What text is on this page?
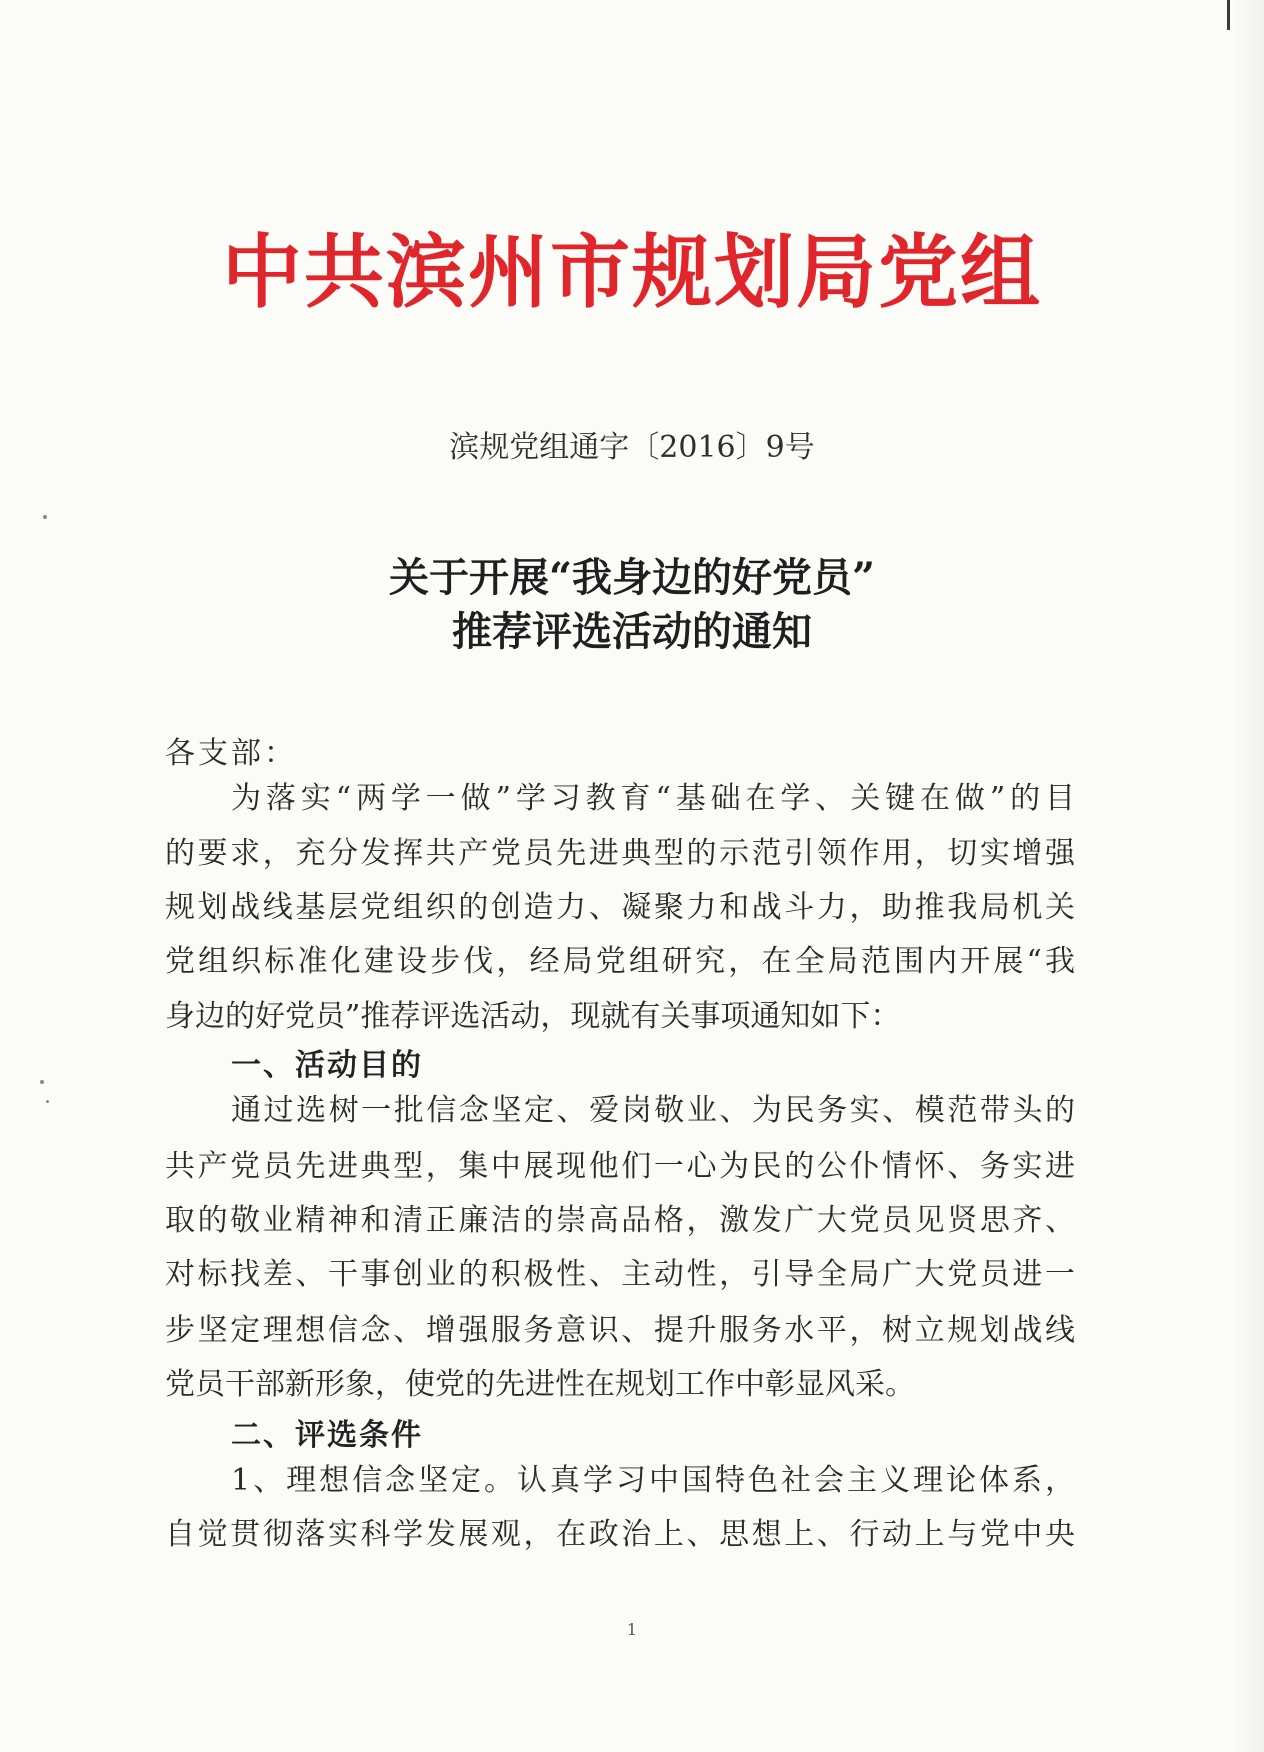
中共滨州市规划局党组
滨规党组通字〔2016〕9号
关于开展“我身边的好党员”
推荐评选活动的通知
各支部：
为落实“两学一做”学习教育“基础在学、关键在做”的目
的要求，充分发挥共产党员先进典型的示范引领作用，切实增强
规划战线基层党组织的创造力、凝聚力和战斗力，助推我局机关
党组织标准化建设步伐，经局党组研究，在全局范围内开展“我
身边的好党员”推荐评选活动，现就有关事项通知如下：
一、活动目的
通过选树一批信念坚定、爱岗敬业、为民务实、模范带头的
共产党员先进典型，集中展现他们一心为民的公仆情怀、务实进
取的敬业精神和清正廉洁的崇高品格，激发广大党员见贤思齐、
对标找差、干事创业的积极性、主动性，引导全局广大党员进一
步坚定理想信念、增强服务意识、提升服务水平，树立规划战线
党员干部新形象，使党的先进性在规划工作中彰显风采。
二、评选条件
1、理想信念坚定。认真学习中国特色社会主义理论体系，
自觉贯彻落实科学发展观，在政治上、思想上、行动上与党中央
1
